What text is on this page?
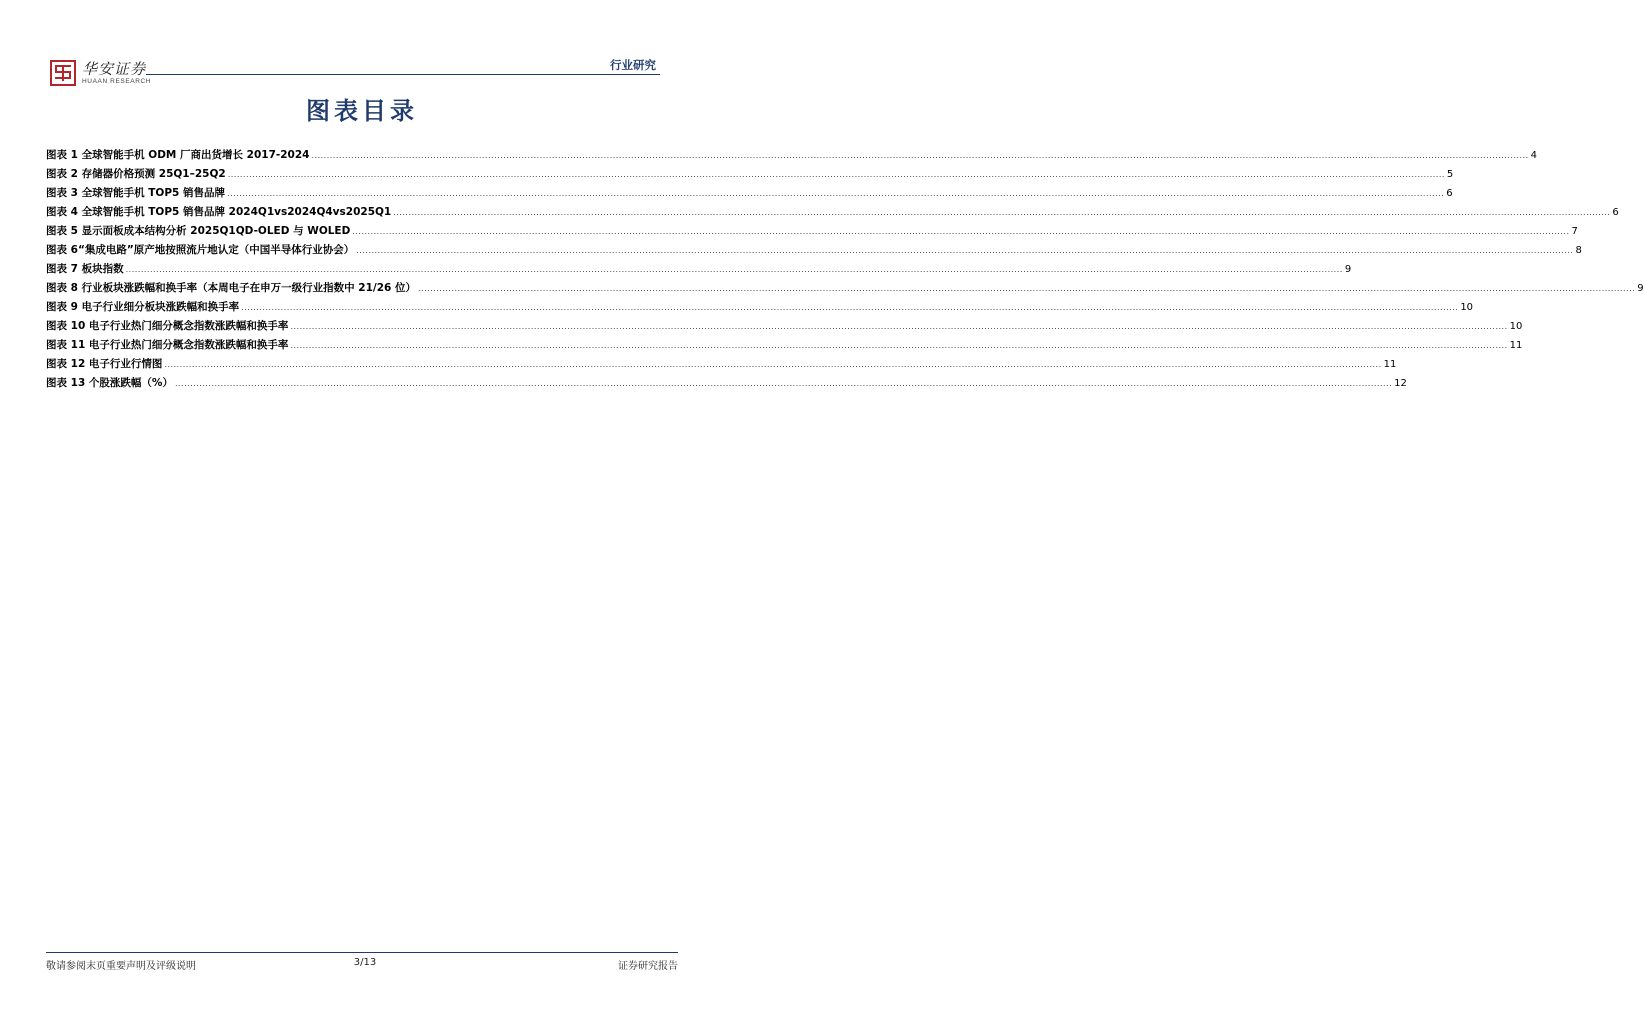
华安证券
HUAAN RESEARCH
行业研究
图表目录
图表 1 全球智能手机 ODM 厂商出货增长 2017-2024 ................................................................................................................................................................................................................................................................................................................................................................................................................ 4
图表 2 存储器价格预测 25Q1–25Q2 ................................................................................................................................................................................................................................................................................................................................................................................................................ 5
图表 3 全球智能手机 TOP5 销售品牌 ................................................................................................................................................................................................................................................................................................................................................................................................................ 6
图表 4 全球智能手机 TOP5 销售品牌 2024Q1vs2024Q4vs2025Q1 ................................................................................................................................................................................................................................................................................................................................................................................................................ 6
图表 5 显示面板成本结构分析 2025Q1QD-OLED 与 WOLED ................................................................................................................................................................................................................................................................................................................................................................................................................ 7
图表 6“集成电路”原产地按照流片地认定（中国半导体行业协会） ................................................................................................................................................................................................................................................................................................................................................................................................................ 8
图表 7 板块指数 ................................................................................................................................................................................................................................................................................................................................................................................................................ 9
图表 8 行业板块涨跌幅和换手率（本周电子在申万一级行业指数中 21/26 位） ................................................................................................................................................................................................................................................................................................................................................................................................................ 9
图表 9 电子行业细分板块涨跌幅和换手率 ................................................................................................................................................................................................................................................................................................................................................................................................................ 10
图表 10 电子行业热门细分概念指数涨跌幅和换手率 ................................................................................................................................................................................................................................................................................................................................................................................................................ 10
图表 11 电子行业热门细分概念指数涨跌幅和换手率 ................................................................................................................................................................................................................................................................................................................................................................................................................ 11
图表 12 电子行业行情图 ................................................................................................................................................................................................................................................................................................................................................................................................................ 11
图表 13 个股涨跌幅（%） ................................................................................................................................................................................................................................................................................................................................................................................................................ 12
敬请参阅末页重要声明及评级说明	3/13	证券研究报告
